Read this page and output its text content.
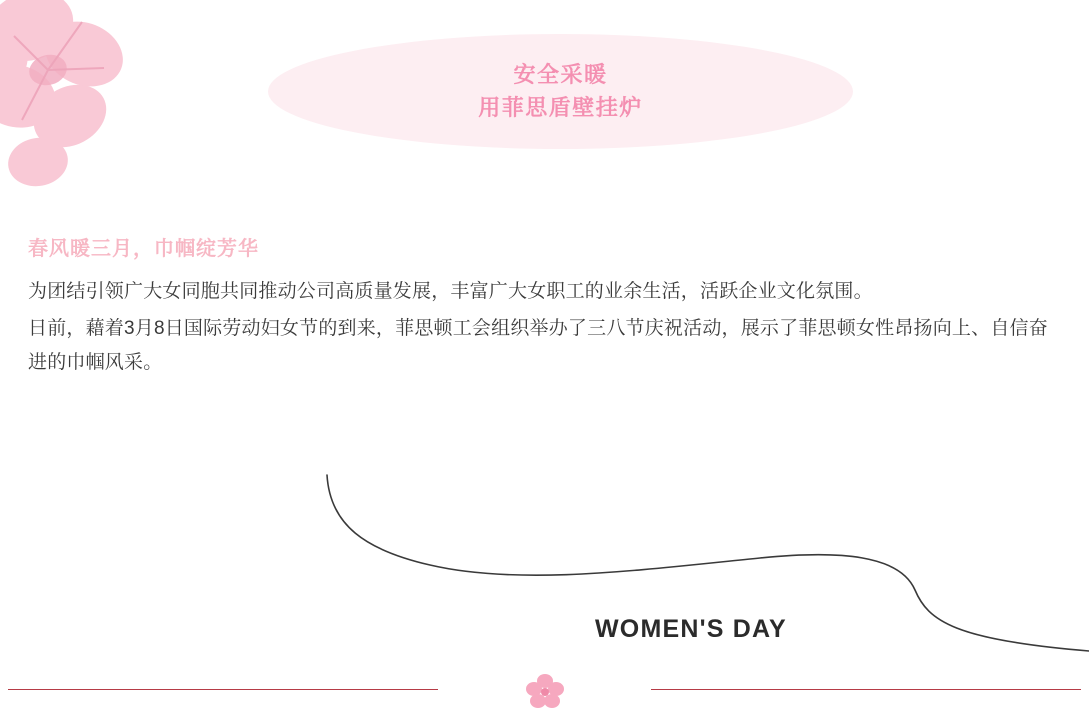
安全采暖
用菲思盾壁挂炉
春风暖三月，巾帼绽芳华

为团结引领广大女同胞共同推动公司高质量发展，丰富广大女职工的业余生活，活跃企业文化氛围。

日前，藉着3月8日国际劳动妇女节的到来，菲思顿工会组织举办了三八节庆祝活动，展示了菲思顿女性昂扬向上、自信奋进的巾帼风采。

WOMEN'S DAY
